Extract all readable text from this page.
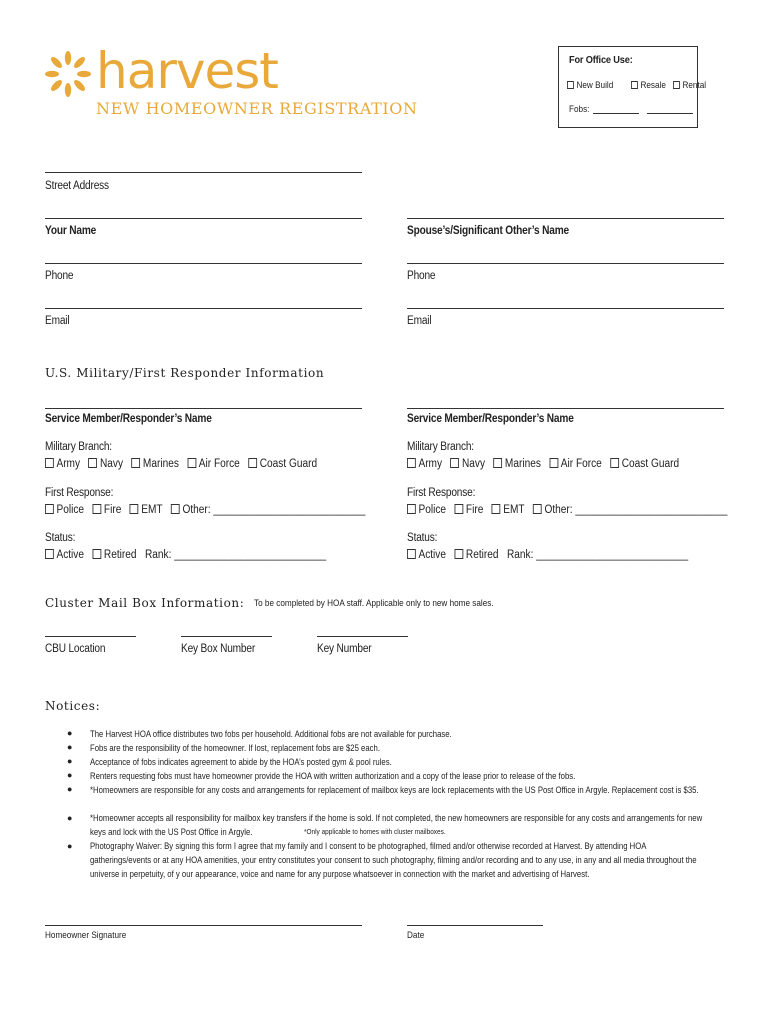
harvest
NEW HOMEOWNER REGISTRATION
For Office Use:
New Build	Resale	Rental
Fobs:
Street Address
Your Name	Spouse’s/Significant Other’s Name
Phone	Phone
Email	Email
U.S. Military/First Responder Information
Service Member/Responder’s Name
Military Branch:
Army Navy Marines Air Force Coast Guard
First Response:
Police Fire EMT Other: ___________________________
Status:
Active Retired Rank: ___________________________
Service Member/Responder’s Name
Military Branch:
Army Navy Marines Air Force Coast Guard
First Response:
Police Fire EMT Other: ___________________________
Status:
Active Retired Rank: ___________________________
Cluster Mail Box Information: To be completed by HOA staff. Applicable only to new home sales.
CBU Location	Key Box Number	Key Number
Notices:
● The Harvest HOA office distributes two fobs per household. Additional fobs are not available for purchase.
● Fobs are the responsibility of the homeowner. If lost, replacement fobs are $25 each.
● Acceptance of fobs indicates agreement to abide by the HOA’s posted gym & pool rules.
● Renters requesting fobs must have homeowner provide the HOA with written authorization and a copy of the lease prior to release of the fobs.
● *Homeowners are responsible for any costs and arrangements for replacement of mailbox keys are lock replacements with the US Post Office in Argyle. Replacement cost is $35.
● *Homeowner accepts all responsibility for mailbox key transfers if the home is sold. If not completed, the new homeowners are responsible for any costs and arrangements for new keys and lock with the US Post Office in Argyle.	*Only applicable to homes with cluster mailboxes.
● Photography Waiver: By signing this form I agree that my family and I consent to be photographed, filmed and/or otherwise recorded at Harvest. By attending HOA gatherings/events or at any HOA amenities, your entry constitutes your consent to such photography, filming and/or recording and to any use, in any and all media throughout the universe in perpetuity, of y our appearance, voice and name for any purpose whatsoever in connection with the market and advertising of Harvest.
Homeowner Signature	Date
